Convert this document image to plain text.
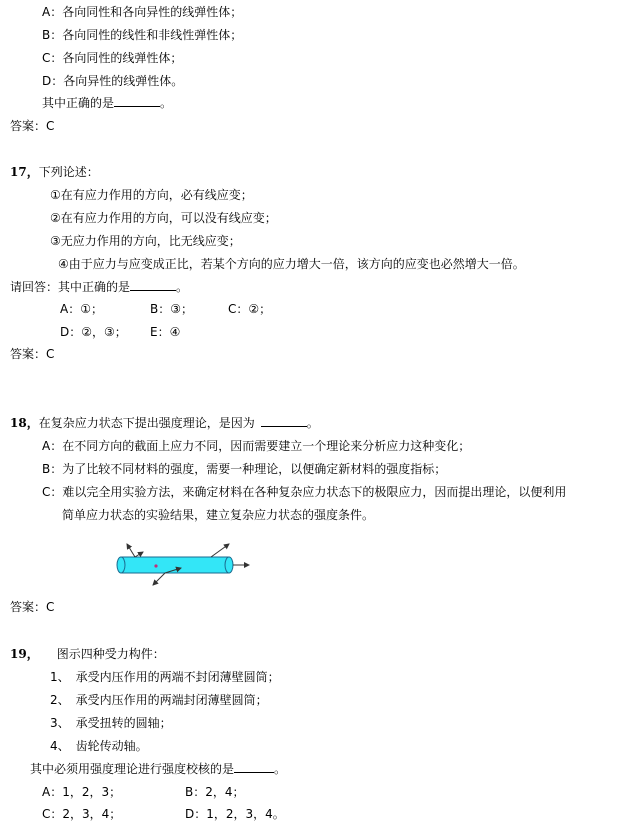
A：各向同性和各向异性的线弹性体；
B：各向同性的线性和非线性弹性体；
C：各向同性的线弹性体；
D：各向异性的线弹性体。
其中正确的是	。
答案：C
17，下列论述：
①在有应力作用的方向，必有线应变；
②在有应力作用的方向，可以没有线应变；
③无应力作用的方向，比无线应变；
④由于应力与应变成正比，若某个方向的应力增大一倍，该方向的应变也必然增大一倍。
请回答：其中正确的是	。
A：①；	B：③；	C：②；
D：②，③； E：④
答案：C
18，在复杂应力状态下提出强度理论，是因为	。
A：在不同方向的截面上应力不同，因而需要建立一个理论来分析应力这种变化；
B：为了比较不同材料的强度，需要一种理论，以便确定新材料的强度指标；
C：难以完全用实验方法，来确定材料在各种复杂应力状态下的极限应力，因而提出理论，以便利用
简单应力状态的实验结果，建立复杂应力状态的强度条件。
答案：C
19， 图示四种受力构件：
1、　承受内压作用的两端不封闭薄壁圆筒；
2、　承受内压作用的两端封闭薄壁圆筒；
3、　承受扭转的圆轴；
4、　齿轮传动轴。
其中必须用强度理论进行强度校核的是	。
A：1，2，3；	B：2，4；
C：2，3，4；	D：1，2，3，4。
